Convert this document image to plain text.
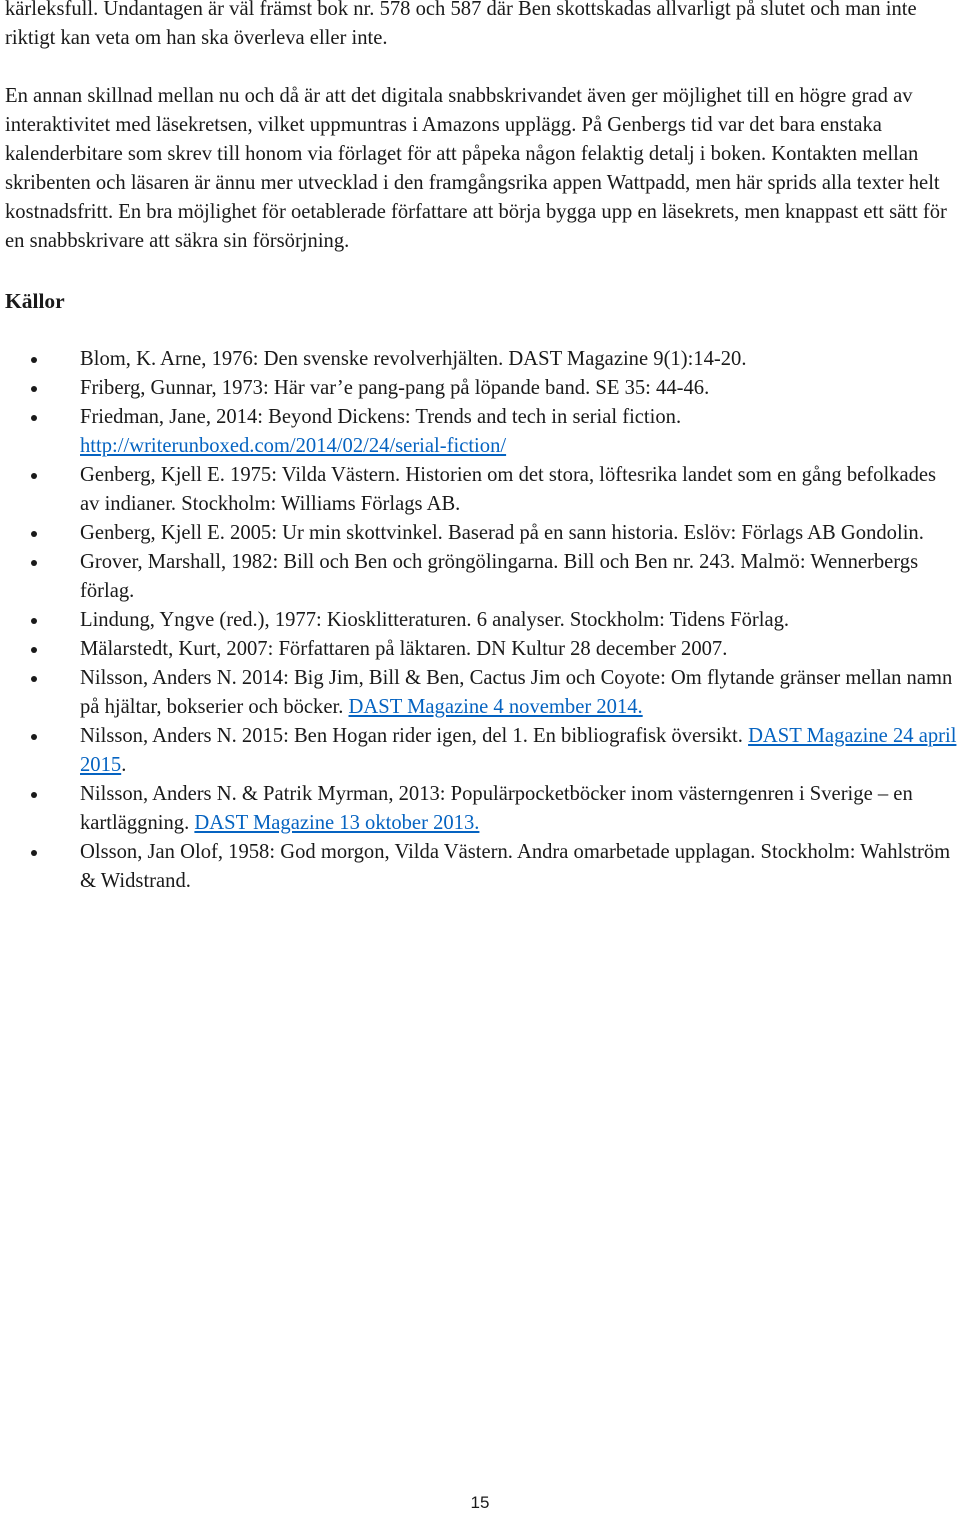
kärleksfull. Undantagen är väl främst bok nr. 578 och 587 där Ben skottskadas allvarligt på slutet och man inte riktigt kan veta om han ska överleva eller inte.

En annan skillnad mellan nu och då är att det digitala snabbskrivandet även ger möjlighet till en högre grad av interaktivitet med läsekretsen, vilket uppmuntras i Amazons upplägg. På Genbergs tid var det bara enstaka kalenderbitare som skrev till honom via förlaget för att påpeka någon felaktig detalj i boken. Kontakten mellan skribenten och läsaren är ännu mer utvecklad i den framgångsrika appen Wattpadd, men här sprids alla texter helt kostnadsfritt. En bra möjlighet för oetablerade författare att börja bygga upp en läsekrets, men knappast ett sätt för en snabbskrivare att säkra sin försörjning.

Källor
Blom, K. Arne, 1976: Den svenske revolverhjälten. DAST Magazine 9(1):14-20.
Friberg, Gunnar, 1973: Här var’e pang-pang på löpande band. SE 35: 44-46.
Friedman, Jane, 2014: Beyond Dickens: Trends and tech in serial fiction. http://writerunboxed.com/2014/02/24/serial-fiction/
Genberg, Kjell E. 1975: Vilda Västern. Historien om det stora, löftesrika landet som en gång befolkades av indianer. Stockholm: Williams Förlags AB.
Genberg, Kjell E. 2005: Ur min skottvinkel. Baserad på en sann historia. Eslöv: Förlags AB Gondolin.
Grover, Marshall, 1982: Bill och Ben och gröngölingarna. Bill och Ben nr. 243. Malmö: Wennerbergs förlag.
Lindung, Yngve (red.), 1977: Kiosklitteraturen. 6 analyser. Stockholm: Tidens Förlag.
Mälarstedt, Kurt, 2007: Författaren på läktaren. DN Kultur 28 december 2007.
Nilsson, Anders N. 2014: Big Jim, Bill & Ben, Cactus Jim och Coyote: Om flytande gränser mellan namn på hjältar, bokserier och böcker. DAST Magazine 4 november 2014.
Nilsson, Anders N. 2015: Ben Hogan rider igen, del 1. En bibliografisk översikt. DAST Magazine 24 april 2015.
Nilsson, Anders N. & Patrik Myrman, 2013: Populärpocketböcker inom västerngenren i Sverige – en kartläggning. DAST Magazine 13 oktober 2013.
Olsson, Jan Olof, 1958: God morgon, Vilda Västern. Andra omarbetade upplagan. Stockholm: Wahlström & Widstrand.
15
